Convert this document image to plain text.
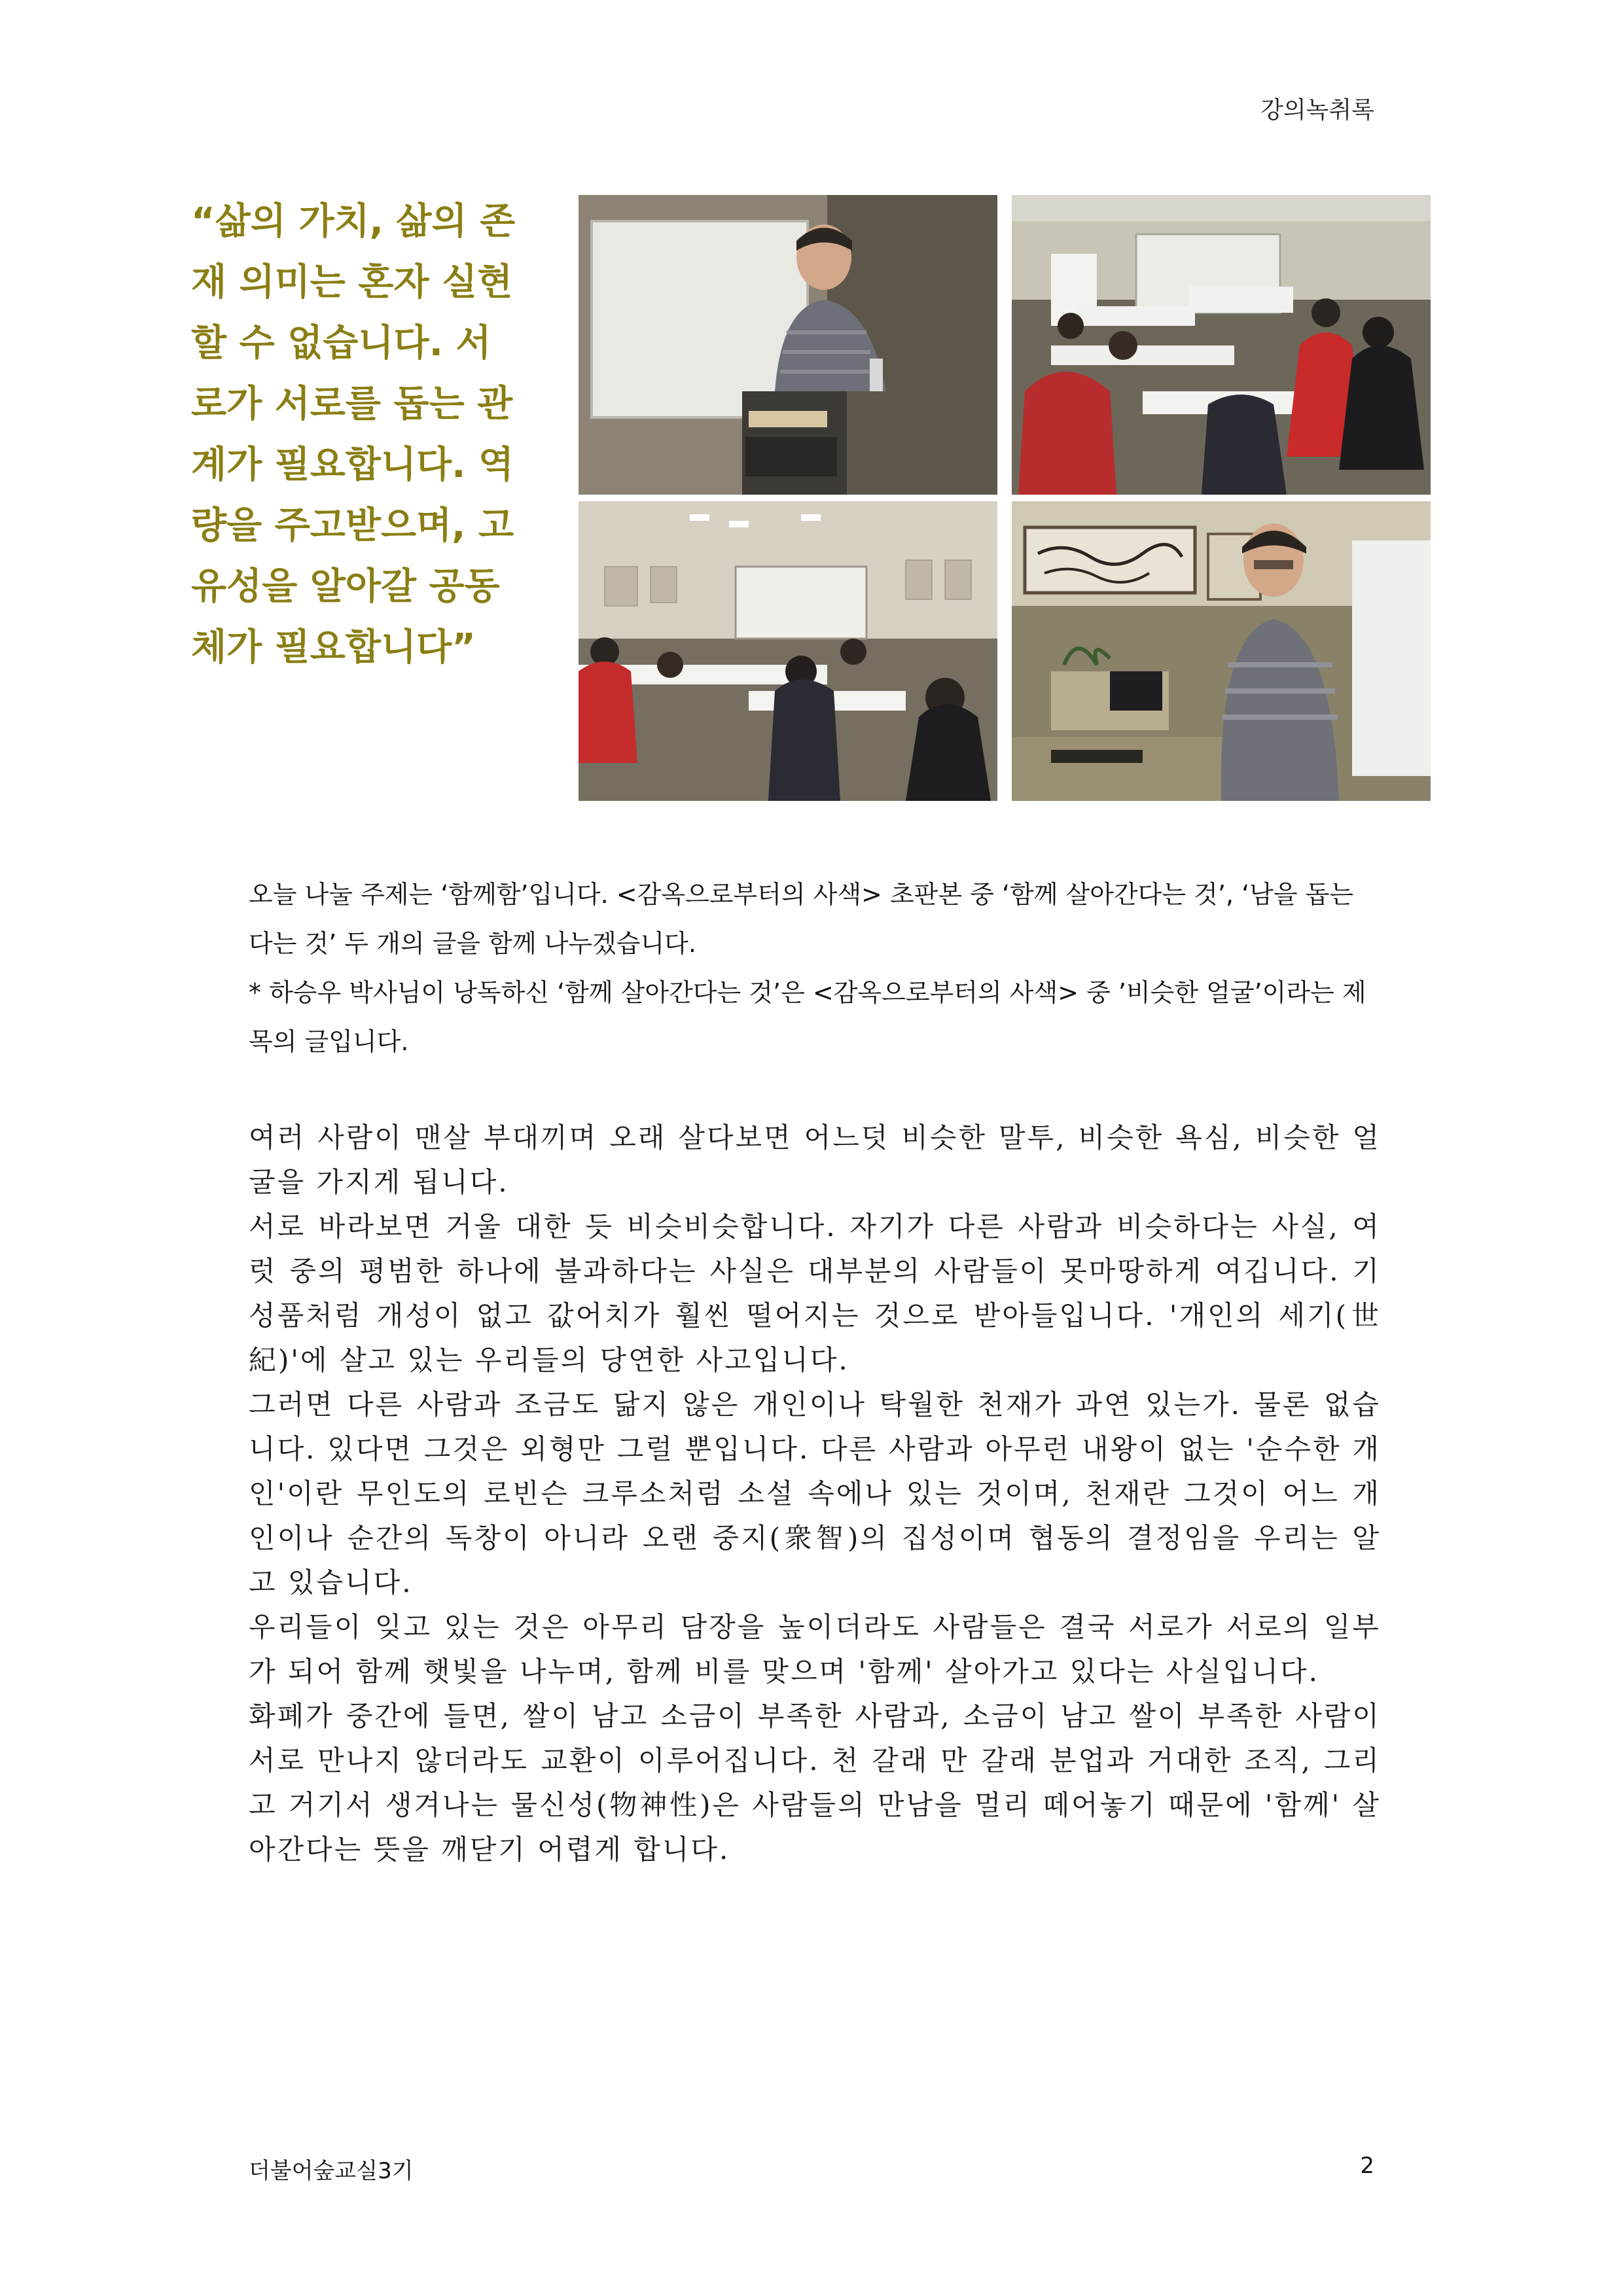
강의녹취록
“삶의 가치, 삶의 존
재 의미는 혼자 실현
할 수 없습니다. 서
로가 서로를 돕는 관
계가 필요합니다. 역
량을 주고받으며, 고
유성을 알아갈 공동
체가 필요합니다”

오늘 나눌 주제는 ‘함께함’입니다. <감옥으로부터의 사색> 초판본 중 ‘함께 살아간다는 것’, ‘남을 돕는다는 것’ 두 개의 글을 함께 나누겠습니다.

* 하승우 박사님이 낭독하신 ‘함께 살아간다는 것’은 <감옥으로부터의 사색> 중 ’비슷한 얼굴’이라는 제목의 글입니다.

여러 사람이 맨살 부대끼며 오래 살다보면 어느덧 비슷한 말투, 비슷한 욕심, 비슷한 얼굴을 가지게 됩니다.

서로 바라보면 거울 대한 듯 비슷비슷합니다. 자기가 다른 사람과 비슷하다는 사실, 여럿 중의 평범한 하나에 불과하다는 사실은 대부분의 사람들이 못마땅하게 여깁니다. 기성품처럼 개성이 없고 값어치가 훨씬 떨어지는 것으로 받아들입니다. '개인의 세기(世紀)'에 살고 있는 우리들의 당연한 사고입니다.

그러면 다른 사람과 조금도 닮지 않은 개인이나 탁월한 천재가 과연 있는가. 물론 없습니다. 있다면 그것은 외형만 그럴 뿐입니다. 다른 사람과 아무런 내왕이 없는 '순수한 개인'이란 무인도의 로빈슨 크루소처럼 소설 속에나 있는 것이며, 천재란 그것이 어느 개인이나 순간의 독창이 아니라 오랜 중지(衆智)의 집성이며 협동의 결정임을 우리는 알고 있습니다.

우리들이 잊고 있는 것은 아무리 담장을 높이더라도 사람들은 결국 서로가 서로의 일부가 되어 함께 햇빛을 나누며, 함께 비를 맞으며 '함께' 살아가고 있다는 사실입니다.

화폐가 중간에 들면, 쌀이 남고 소금이 부족한 사람과, 소금이 남고 쌀이 부족한 사람이 서로 만나지 않더라도 교환이 이루어집니다. 천 갈래 만 갈래 분업과 거대한 조직, 그리고 거기서 생겨나는 물신성(物神性)은 사람들의 만남을 멀리 떼어놓기 때문에 '함께' 살아간다는 뜻을 깨닫기 어렵게 합니다.

더불어숲교실3기	2
